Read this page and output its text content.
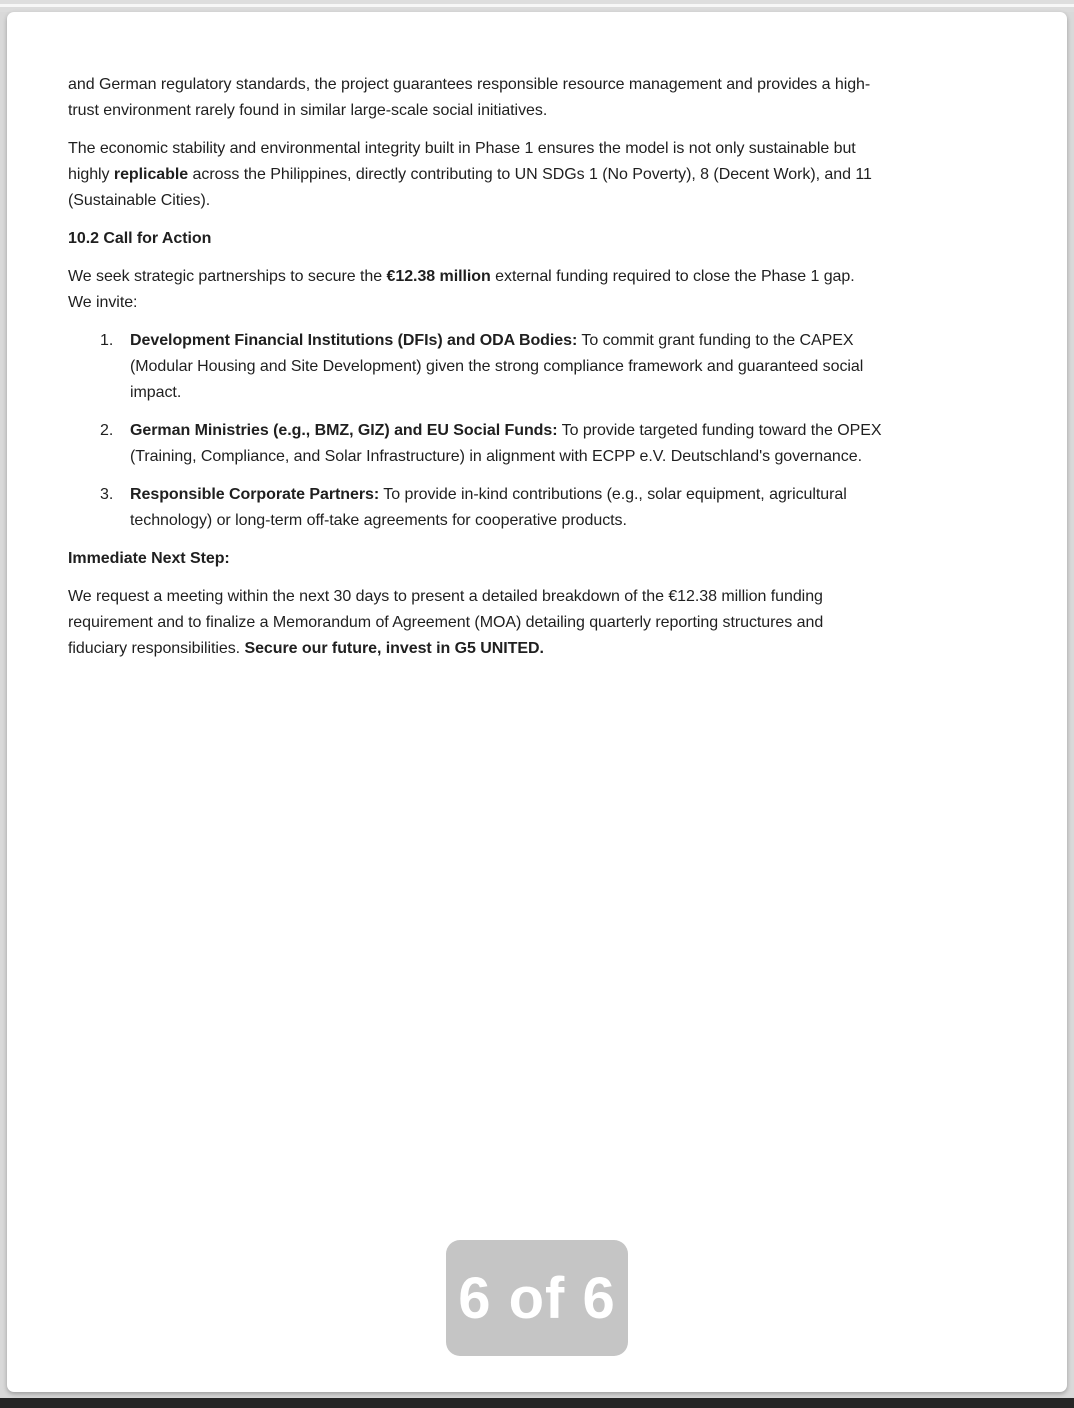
and German regulatory standards, the project guarantees responsible resource management and provides a high-
trust environment rarely found in similar large-scale social initiatives.

The economic stability and environmental integrity built in Phase 1 ensures the model is not only sustainable but
highly replicable across the Philippines, directly contributing to UN SDGs 1 (No Poverty), 8 (Decent Work), and 11
(Sustainable Cities).

10.2 Call for Action

We seek strategic partnerships to secure the €12.38 million external funding required to close the Phase 1 gap.
We invite:

1.	Development Financial Institutions (DFIs) and ODA Bodies: To commit grant funding to the CAPEX
(Modular Housing and Site Development) given the strong compliance framework and guaranteed social
impact.
2.	German Ministries (e.g., BMZ, GIZ) and EU Social Funds: To provide targeted funding toward the OPEX
(Training, Compliance, and Solar Infrastructure) in alignment with ECPP e.V. Deutschland's governance.
3.	Responsible Corporate Partners: To provide in-kind contributions (e.g., solar equipment, agricultural
technology) or long-term off-take agreements for cooperative products.

Immediate Next Step:

We request a meeting within the next 30 days to present a detailed breakdown of the €12.38 million funding
requirement and to finalize a Memorandum of Agreement (MOA) detailing quarterly reporting structures and
fiduciary responsibilities. Secure our future, invest in G5 UNITED.

6 of 6
